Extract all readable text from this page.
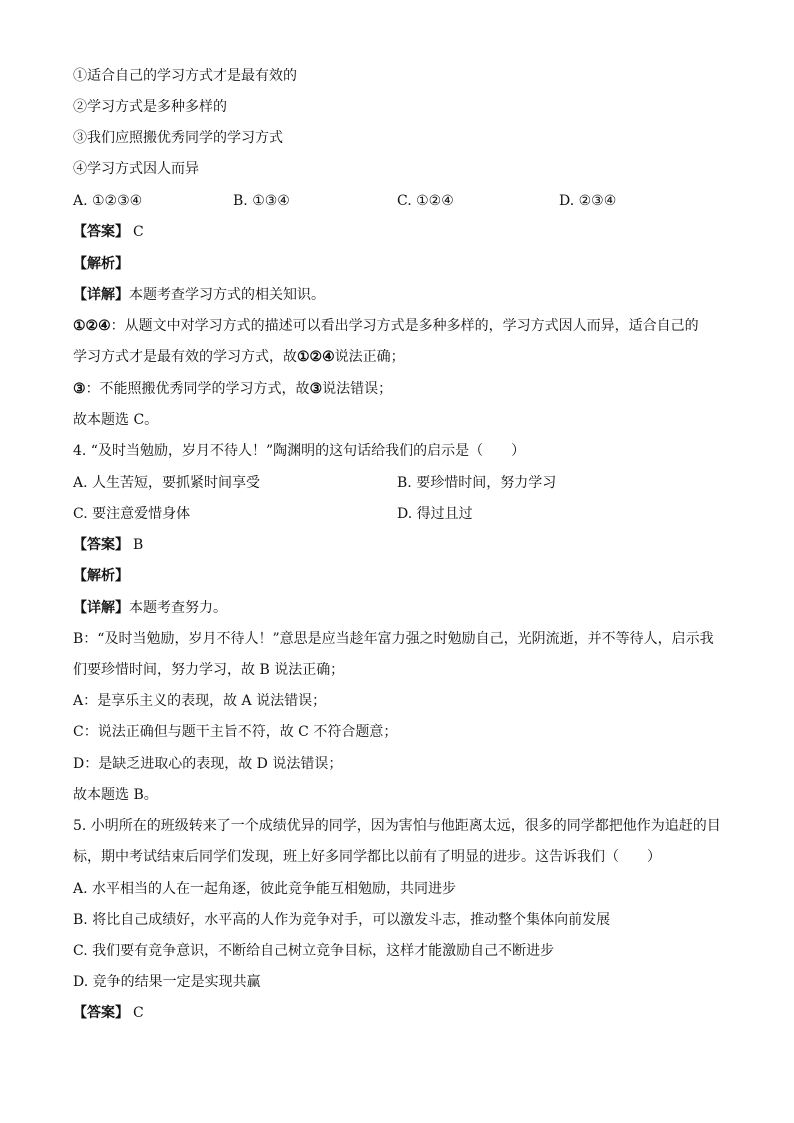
①适合自己的学习方式才是最有效的
②学习方式是多种多样的
③我们应照搬优秀同学的学习方式
④学习方式因人而异
A. ①②③④	B. ①③④	C. ①②④	D. ②③④
【答案】 C
【解析】
【详解】本题考查学习方式的相关知识。
①②④：从题文中对学习方式的描述可以看出学习方式是多种多样的，学习方式因人而异，适合自己的
学习方式才是最有效的学习方式，故①②④说法正确；
③：不能照搬优秀同学的学习方式，故③说法错误；
故本题选 C。
4. “及时当勉励，岁月不待人！”陶渊明的这句话给我们的启示是（　　）
A. 人生苦短，要抓紧时间享受	B. 要珍惜时间，努力学习
C. 要注意爱惜身体	D. 得过且过
【答案】 B
【解析】
【详解】本题考查努力。
B：“及时当勉励，岁月不待人！”意思是应当趁年富力强之时勉励自己，光阴流逝，并不等待人，启示我
们要珍惜时间，努力学习，故 B 说法正确；
A：是享乐主义的表现，故 A 说法错误；
C：说法正确但与题干主旨不符，故 C 不符合题意；
D：是缺乏进取心的表现，故 D 说法错误；
故本题选 B。
5. 小明所在的班级转来了一个成绩优异的同学，因为害怕与他距离太远，很多的同学都把他作为追赶的目
标，期中考试结束后同学们发现，班上好多同学都比以前有了明显的进步。这告诉我们（　　）
A. 水平相当的人在一起角逐，彼此竞争能互相勉励，共同进步
B. 将比自己成绩好，水平高的人作为竞争对手，可以激发斗志，推动整个集体向前发展
C. 我们要有竞争意识，不断给自己树立竞争目标，这样才能激励自己不断进步
D. 竞争的结果一定是实现共赢
【答案】 C
